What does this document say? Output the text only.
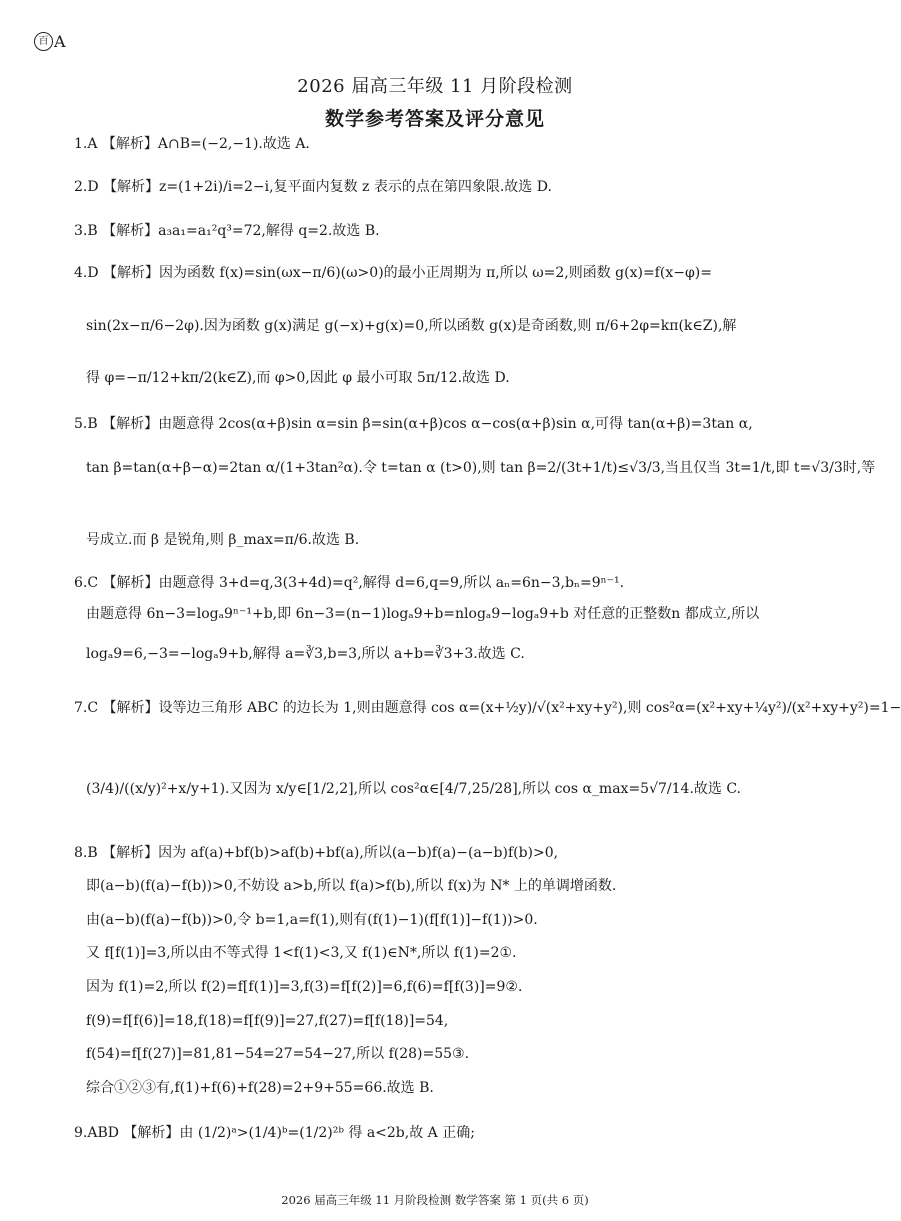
百 A
2026 届高三年级 11 月阶段检测
数学参考答案及评分意见
1.A 【解析】A∩B=(−2,−1).故选 A.
2.D 【解析】z=(1+2i)/i=2−i,复平面内复数 z 表示的点在第四象限.故选 D.
3.B 【解析】a₃a₁=a₁²q³=72,解得 q=2.故选 B.
4.D 【解析】因为函数 f(x)=sin(ωx−π/6)(ω>0)的最小正周期为 π,所以 ω=2,则函数 g(x)=f(x−φ)=
sin(2x−π/6−2φ).因为函数 g(x)满足 g(−x)+g(x)=0,所以函数 g(x)是奇函数,则 π/6+2φ=kπ(k∈Z),解
得 φ=−π/12+kπ/2(k∈Z),而 φ>0,因此 φ 最小可取 5π/12.故选 D.
5.B 【解析】由题意得 2cos(α+β)sin α=sin β=sin(α+β)cos α−cos(α+β)sin α,可得 tan(α+β)=3tan α,
tan β=tan(α+β−α)=2tan α/(1+3tan²α).令 t=tan α (t>0),则 tan β=2/(3t+1/t)≤√3/3,当且仅当 3t=1/t,即 t=√3/3时,等
号成立.而 β 是锐角,则 β_max=π/6.故选 B.
6.C 【解析】由题意得 3+d=q,3(3+4d)=q²,解得 d=6,q=9,所以 aₙ=6n−3,bₙ=9ⁿ⁻¹.
由题意得 6n−3=logₐ9ⁿ⁻¹+b,即 6n−3=(n−1)logₐ9+b=nlogₐ9−logₐ9+b 对任意的正整数n 都成立,所以
logₐ9=6,−3=−logₐ9+b,解得 a=∛3,b=3,所以 a+b=∛3+3.故选 C.
7.C 【解析】设等边三角形 ABC 的边长为 1,则由题意得 cos α=(x+½y)/√(x²+xy+y²),则 cos²α=(x²+xy+¼y²)/(x²+xy+y²)=1−
(3/4)/((x/y)²+x/y+1).又因为 x/y∈[1/2,2],所以 cos²α∈[4/7,25/28],所以 cos α_max=5√7/14.故选 C.
8.B 【解析】因为 af(a)+bf(b)>af(b)+bf(a),所以(a−b)f(a)−(a−b)f(b)>0,
即(a−b)(f(a)−f(b))>0,不妨设 a>b,所以 f(a)>f(b),所以 f(x)为 N* 上的单调增函数.
由(a−b)(f(a)−f(b))>0,令 b=1,a=f(1),则有(f(1)−1)(f[f(1)]−f(1))>0.
又 f[f(1)]=3,所以由不等式得 1<f(1)<3,又 f(1)∈N*,所以 f(1)=2①.
因为 f(1)=2,所以 f(2)=f[f(1)]=3,f(3)=f[f(2)]=6,f(6)=f[f(3)]=9②.
f(9)=f[f(6)]=18,f(18)=f[f(9)]=27,f(27)=f[f(18)]=54,
f(54)=f[f(27)]=81,81−54=27=54−27,所以 f(28)=55③.
综合①②③有,f(1)+f(6)+f(28)=2+9+55=66.故选 B.
9.ABD 【解析】由 (1/2)ᵃ>(1/4)ᵇ=(1/2)²ᵇ 得 a<2b,故 A 正确;
2026 届高三年级 11 月阶段检测 数学答案 第 1 页(共 6 页)
